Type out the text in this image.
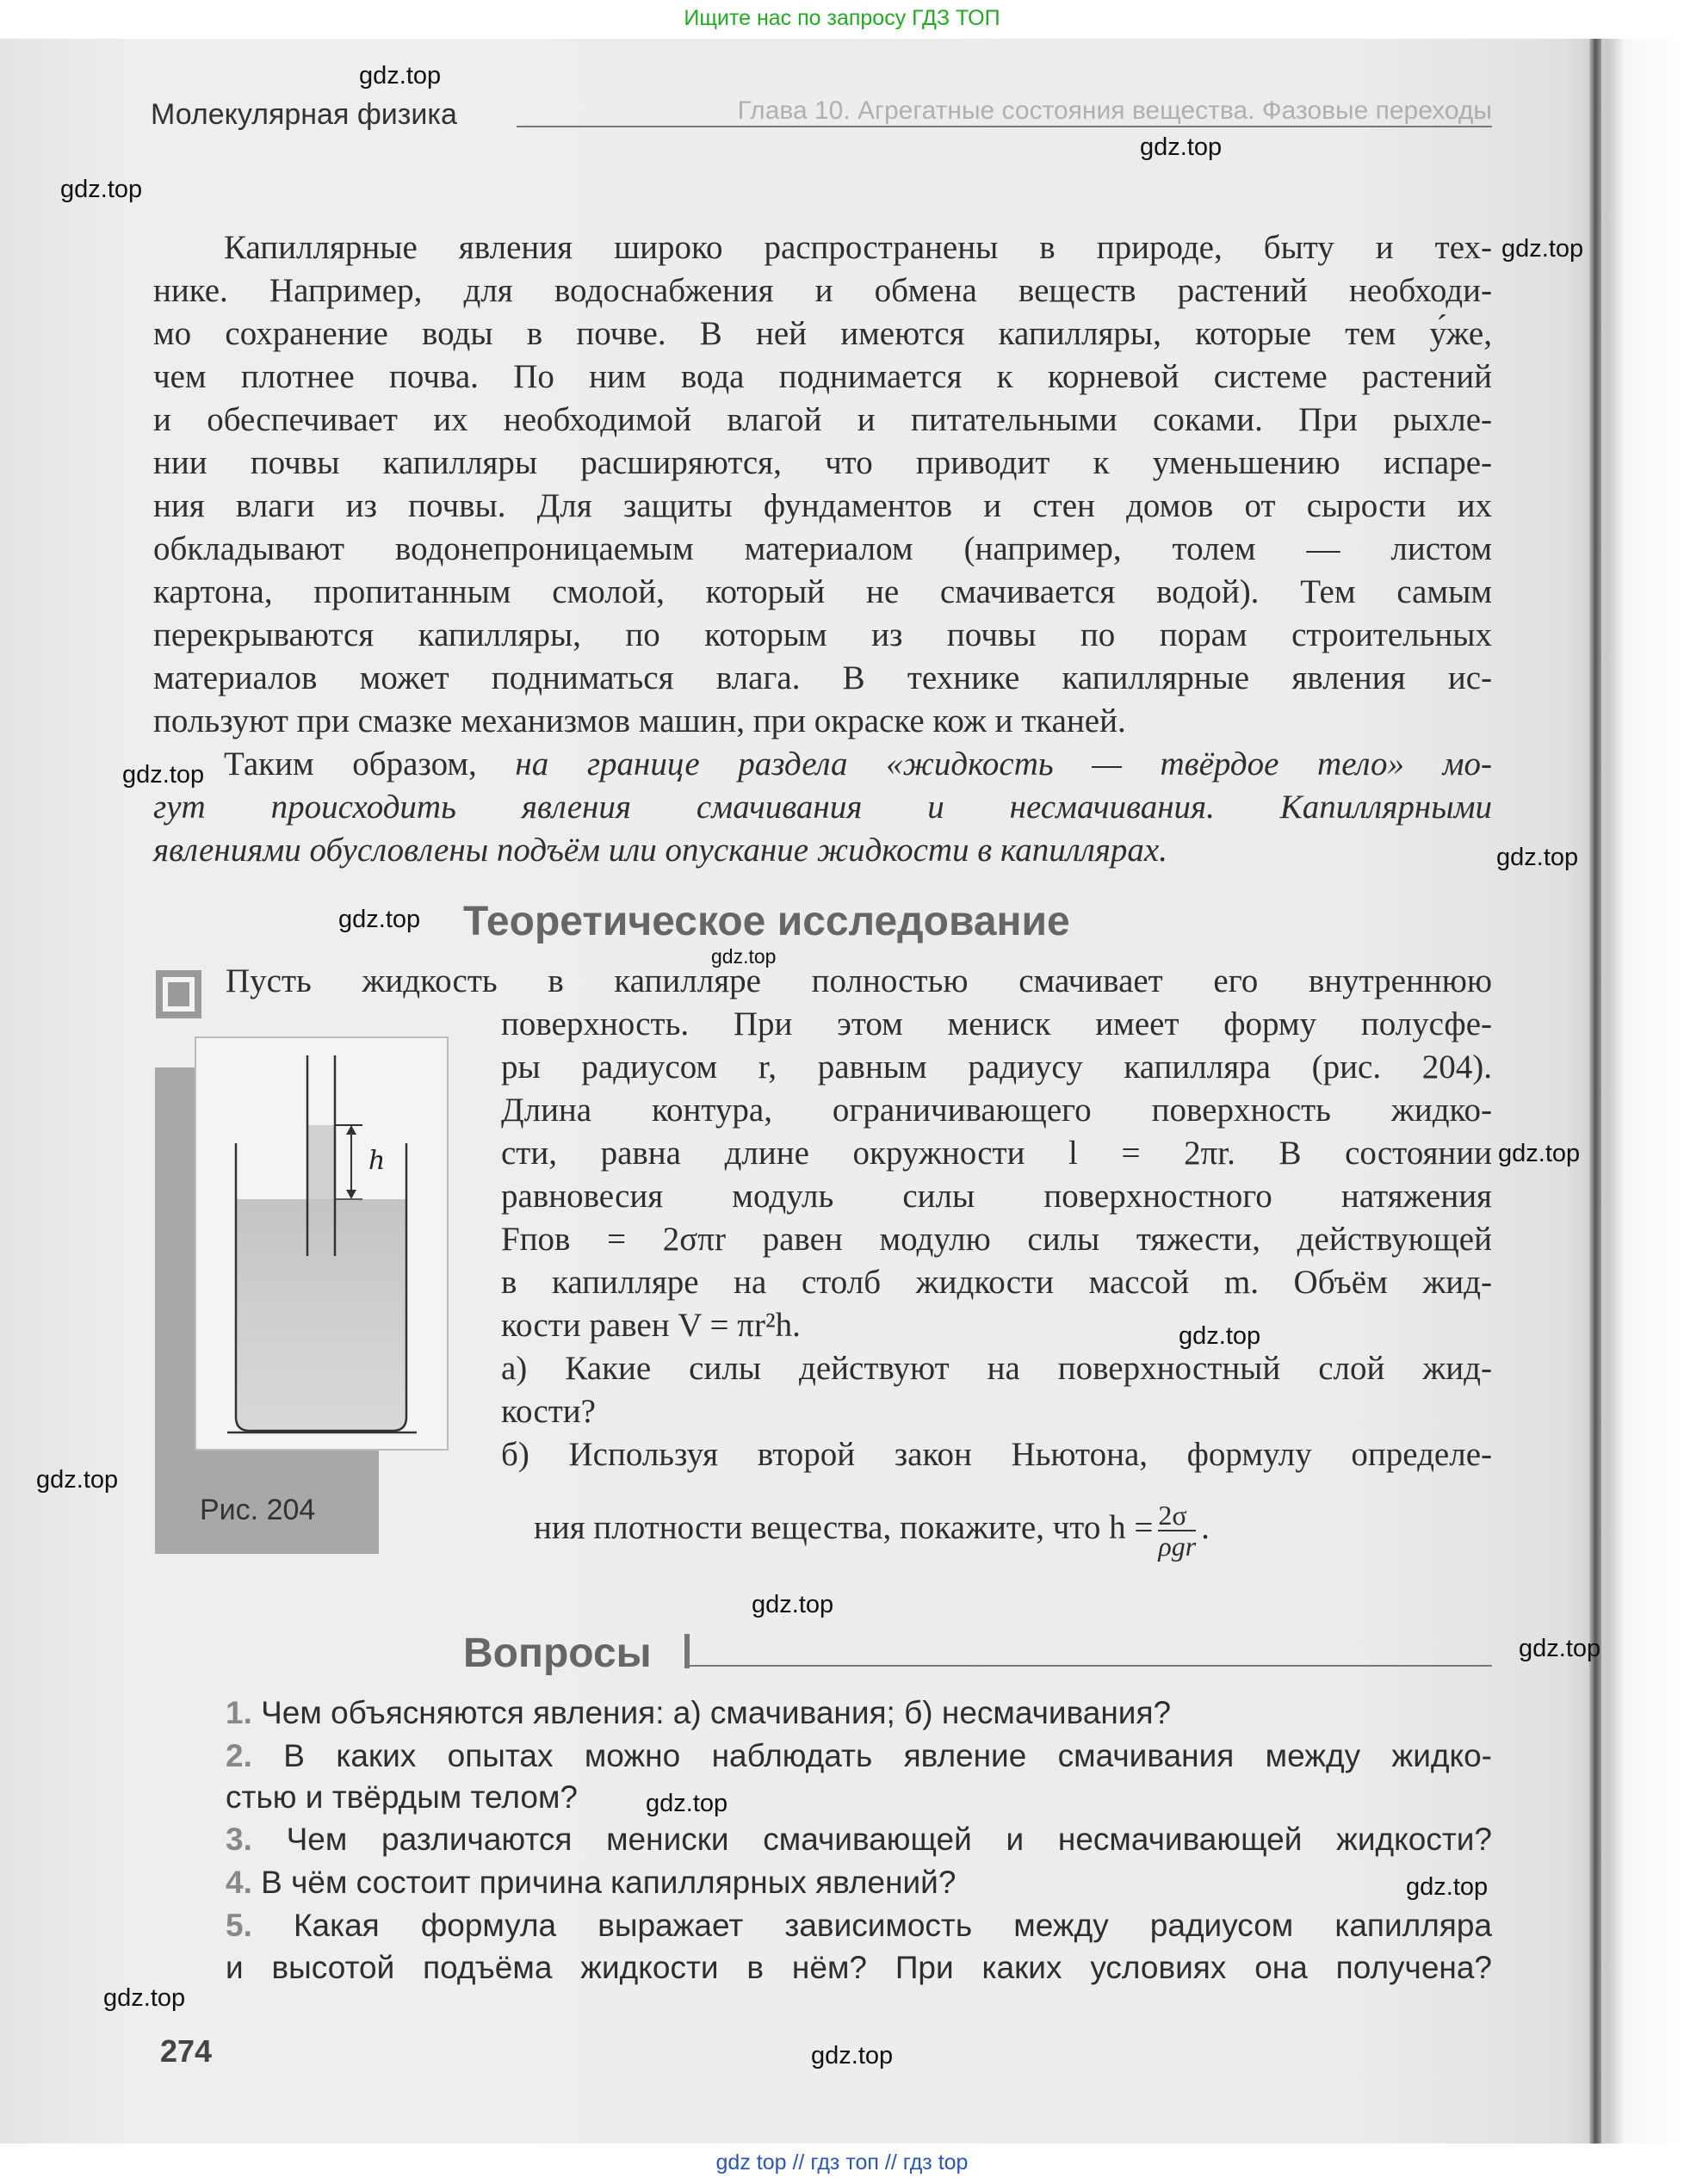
Ищите нас по запросу ГДЗ ТОП
Молекулярная физика	Глава 10. Агрегатные состояния вещества. Фазовые переходы
Капиллярные явления широко распространены в природе, быту и тех-
нике. Например, для водоснабжения и обмена веществ растений необходи-
мо сохранение воды в почве. В ней имеются капилляры, которые тем у́же,
чем плотнее почва. По ним вода поднимается к корневой системе растений
и обеспечивает их необходимой влагой и питательными соками. При рыхле-
нии почвы капилляры расширяются, что приводит к уменьшению испаре-
ния влаги из почвы. Для защиты фундаментов и стен домов от сырости их
обкладывают водонепроницаемым материалом (например, толем — листом
картона, пропитанным смолой, который не смачивается водой). Тем самым
перекрываются капилляры, по которым из почвы по порам строительных
материалов может подниматься влага. В технике капиллярные явления ис-
пользуют при смазке механизмов машин, при окраске кож и тканей.
Таким образом, на границе раздела «жидкость — твёрдое тело» мо-
гут происходить явления смачивания и несмачивания. Капиллярными
явлениями обусловлены подъём или опускание жидкости в капиллярах.
Теоретическое исследование
h
Рис. 204
Пусть жидкость в капилляре полностью смачивает его внутреннюю
поверхность. При этом мениск имеет форму полусфе-
ры радиусом r, равным радиусу капилляра (рис. 204).
Длина контура, ограничивающего поверхность жидко-
сти, равна длине окружности l = 2πr. В состоянии
равновесия модуль силы поверхностного натяжения
Fпов = 2σπr равен модулю силы тяжести, действующей
в капилляре на столб жидкости массой m. Объём жид-
кости равен V = πr²h.
а) Какие силы действуют на поверхностный слой жид-
кости?
б) Используя второй закон Ньютона, формулу определе-
ния плотности вещества, покажите, что $h = \frac{2\sigma}{\text{ρgr}}$ .
Вопросы
1. Чем объясняются явления: а) смачивания; б) несмачивания?
2. В каких опытах можно наблюдать явление смачивания между жидко-
стью и твёрдым телом?
3. Чем различаются мениски смачивающей и несмачивающей жидкости?
4. В чём состоит причина капиллярных явлений?
5. Какая формула выражает зависимость между радиусом капилляра
и высотой подъёма жидкости в нём? При каких условиях она получена?
274
gdz.top
gdz.top
gdz.top
gdz.top
gdz.top
gdz.top
gdz.top
gdz.top
gdz.top
gdz.top
gdz.top
gdz.top
gdz.top
gdz.top
gdz.top
gdz.top
gdz.top
gdz top // гдз топ // гдз top
